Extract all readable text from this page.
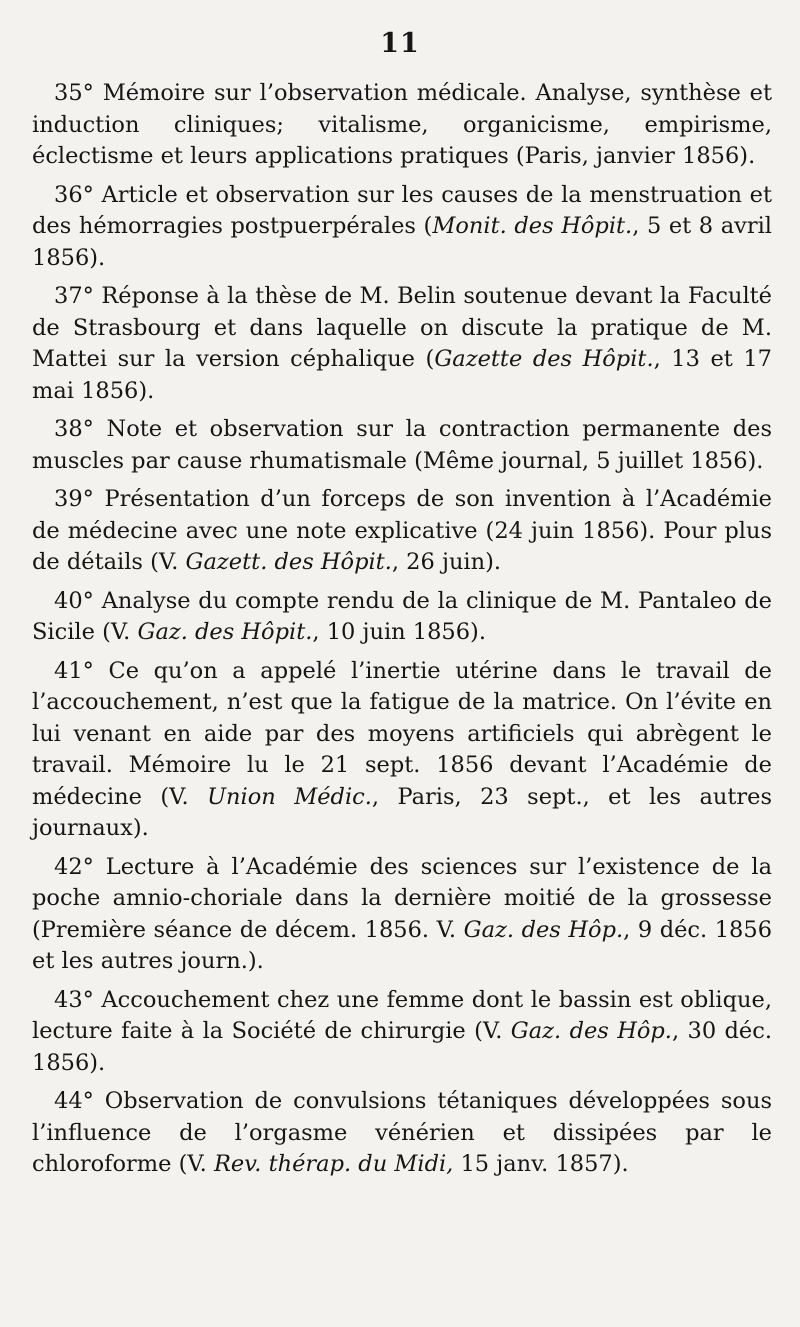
11

35° Mémoire sur l’observation médicale. Analyse, synthèse et induction cliniques; vitalisme, organicisme, empirisme, éclectisme et leurs applications pratiques (Paris, janvier 1856).

36° Article et observation sur les causes de la menstruation et des hémorragies postpuerpérales (Monit. des Hôpit., 5 et 8 avril 1856).

37° Réponse à la thèse de M. Belin soutenue devant la Faculté de Strasbourg et dans laquelle on discute la pratique de M. Mattei sur la version céphalique (Gazette des Hôpit., 13 et 17 mai 1856).

38° Note et observation sur la contraction permanente des muscles par cause rhumatismale (Même journal, 5 juillet 1856).

39° Présentation d’un forceps de son invention à l’Académie de médecine avec une note explicative (24 juin 1856). Pour plus de détails (V. Gazett. des Hôpit., 26 juin).

40° Analyse du compte rendu de la clinique de M. Pantaleo de Sicile (V. Gaz. des Hôpit., 10 juin 1856).

41° Ce qu’on a appelé l’inertie utérine dans le travail de l’accouchement, n’est que la fatigue de la matrice. On l’évite en lui venant en aide par des moyens artificiels qui abrègent le travail. Mémoire lu le 21 sept. 1856 devant l’Académie de médecine (V. Union Médic., Paris, 23 sept., et les autres journaux).

42° Lecture à l’Académie des sciences sur l’existence de la poche amnio-choriale dans la dernière moitié de la grossesse (Première séance de décem. 1856. V. Gaz. des Hôp., 9 déc. 1856 et les autres journ.).

43° Accouchement chez une femme dont le bassin est oblique, lecture faite à la Société de chirurgie (V. Gaz. des Hôp., 30 déc. 1856).

44° Observation de convulsions tétaniques développées sous l’influence de l’orgasme vénérien et dissipées par le chloroforme (V. Rev. thérap. du Midi, 15 janv. 1857).
